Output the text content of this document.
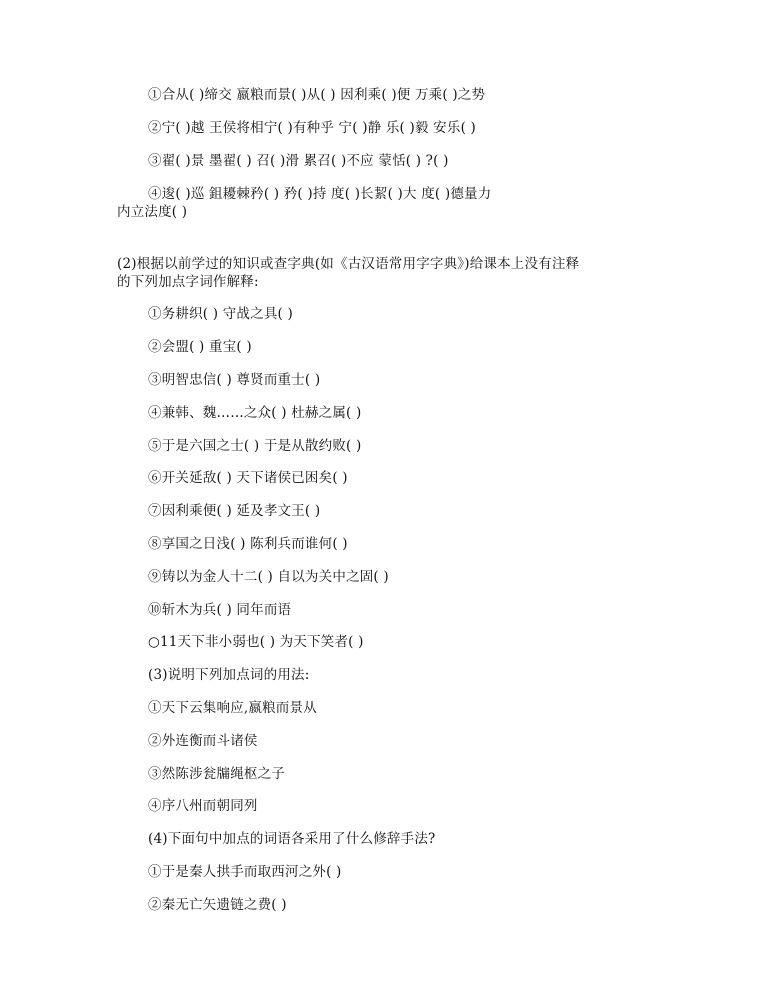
①合从( )缔交 嬴粮而景( )从( ) 因利乘( )便 万乘( )之势
②宁( )越 王侯将相宁( )有种乎 宁( )静 乐( )毅 安乐( )
③翟( )景 墨翟( ) 召( )滑 累召( )不应 蒙恬( ) ?( )
④逡( )巡 鉏耰棘矜( ) 矜( )持 度( )长絜( )大 度( )德量力
内立法度( )
(2)根据以前学过的知识或查字典(如《古汉语常用字字典》)给课本上没有注释
的下列加点字词作解释:
①务耕织( ) 守战之具( )
②会盟( ) 重宝( )
③明智忠信( ) 尊贤而重士( )
④兼韩、魏……之众( ) 杜赫之属( )
⑤于是六国之士( ) 于是从散约败( )
⑥开关延敌( ) 天下诸侯已困矣( )
⑦因利乘便( ) 延及孝文王( )
⑧享国之日浅( ) 陈利兵而谁何( )
⑨铸以为金人十二( ) 自以为关中之固( )
⑩斩木为兵( ) 同年而语
○11天下非小弱也( ) 为天下笑者( )
(3)说明下列加点词的用法:
①天下云集响应,嬴粮而景从
②外连衡而斗诸侯
③然陈涉瓮牖绳枢之子
④序八州而朝同列
(4)下面句中加点的词语各采用了什么修辞手法?
①于是秦人拱手而取西河之外( )
②秦无亡矢遗链之费( )
